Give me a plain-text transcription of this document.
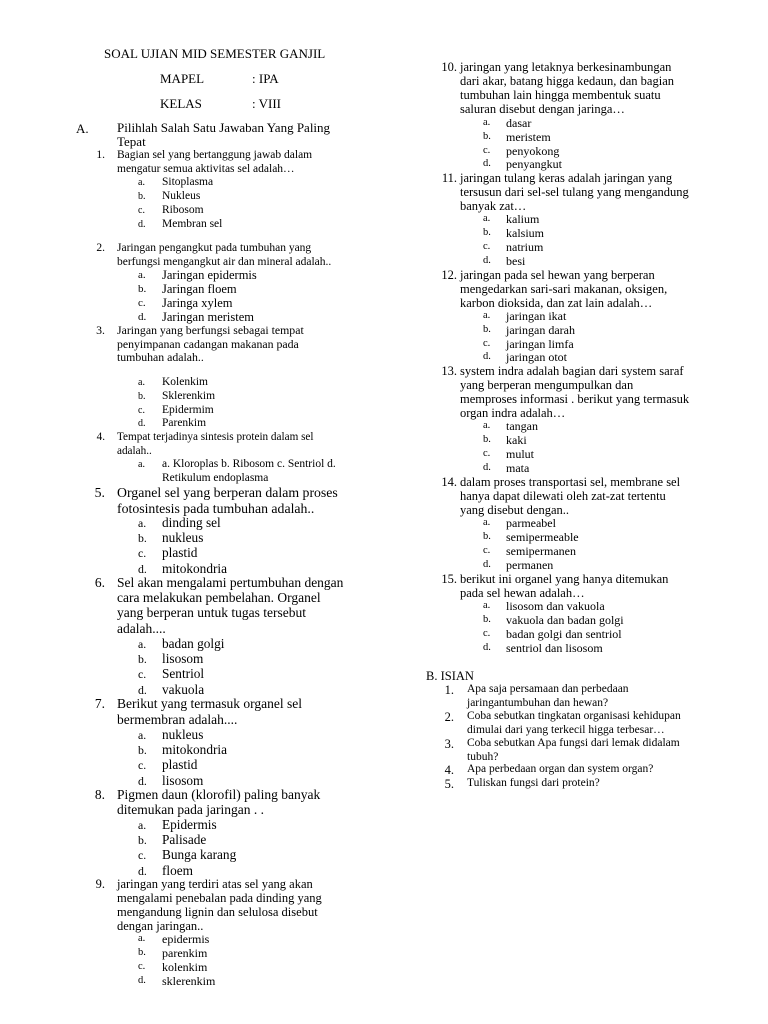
SOAL UJIAN MID SEMESTER GANJIL
MAPEL	: IPA
KELAS	: VIII
A. Pilihlah Salah Satu Jawaban Yang Paling
Tepat
1. Bagian sel yang bertanggung jawab dalam
mengatur semua aktivitas sel adalah…
a. Sitoplasma
b. Nukleus
c. Ribosom
d. Membran sel
2. Jaringan pengangkut pada tumbuhan yang
berfungsi mengangkut air dan mineral adalah..
a. Jaringan epidermis
b. Jaringan floem
c. Jaringa xylem
d. Jaringan meristem
3. Jaringan yang berfungsi sebagai tempat
penyimpanan cadangan makanan pada
tumbuhan adalah..
a. Kolenkim
b. Sklerenkim
c. Epidermim
d. Parenkim
4. Tempat terjadinya sintesis protein dalam sel
adalah..
a. a. Kloroplas b. Ribosom c. Sentriol d.
Retikulum endoplasma
5. Organel sel yang berperan dalam proses
fotosintesis pada tumbuhan adalah..
a. dinding sel
b. nukleus
c. plastid
d. mitokondria
6. Sel akan mengalami pertumbuhan dengan
cara melakukan pembelahan. Organel
yang berperan untuk tugas tersebut
adalah....
a. badan golgi
b. lisosom
c. Sentriol
d. vakuola
7. Berikut yang termasuk organel sel
bermembran adalah....
a. nukleus
b. mitokondria
c. plastid
d. lisosom
8. Pigmen daun (klorofil) paling banyak
ditemukan pada jaringan . .
a. Epidermis
b. Palisade
c. Bunga karang
d. floem
9. jaringan yang terdiri atas sel yang akan
mengalami penebalan pada dinding yang
mengandung lignin dan selulosa disebut
dengan jaringan..
a. epidermis
b. parenkim
c. kolenkim
d. sklerenkim
10. jaringan yang letaknya berkesinambungan
dari akar, batang higga kedaun, dan bagian
tumbuhan lain hingga membentuk suatu
saluran disebut dengan jaringa…
a. dasar
b. meristem
c. penyokong
d. penyangkut
11. jaringan tulang keras adalah jaringan yang
tersusun dari sel-sel tulang yang mengandung
banyak zat…
a. kalium
b. kalsium
c. natrium
d. besi
12. jaringan pada sel hewan yang berperan
mengedarkan sari-sari makanan, oksigen,
karbon dioksida, dan zat lain adalah…
a. jaringan ikat
b. jaringan darah
c. jaringan limfa
d. jaringan otot
13. system indra adalah bagian dari system saraf
yang berperan mengumpulkan dan
memproses informasi . berikut yang termasuk
organ indra adalah…
a. tangan
b. kaki
c. mulut
d. mata
14. dalam proses transportasi sel, membrane sel
hanya dapat dilewati oleh zat-zat tertentu
yang disebut dengan..
a. parmeabel
b. semipermeable
c. semipermanen
d. permanen
15. berikut ini organel yang hanya ditemukan
pada sel hewan adalah…
a. lisosom dan vakuola
b. vakuola dan badan golgi
c. badan golgi dan sentriol
d. sentriol dan lisosom
B. ISIAN
1. Apa saja persamaan dan perbedaan
jaringantumbuhan dan hewan?
2. Coba sebutkan tingkatan organisasi kehidupan
dimulai dari yang terkecil higga terbesar…
3. Coba sebutkan Apa fungsi dari lemak didalam
tubuh?
4. Apa perbedaan organ dan system organ?
5. Tuliskan fungsi dari protein?
